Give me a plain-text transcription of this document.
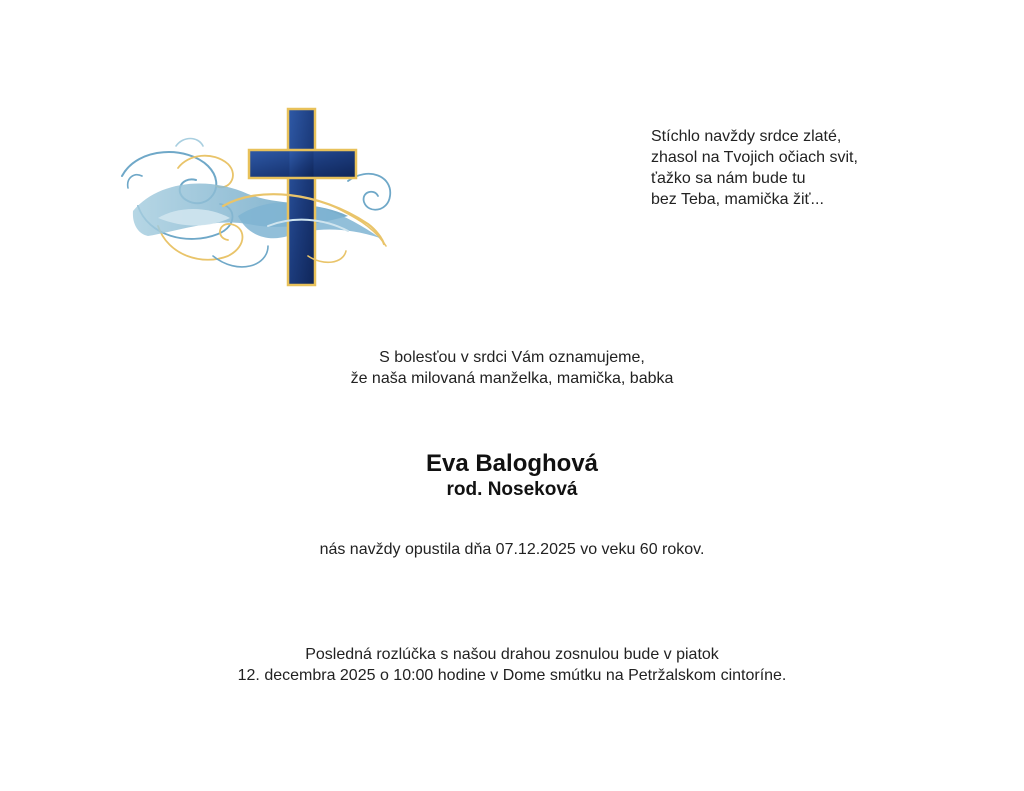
Stíchlo navždy srdce zlaté,
zhasol na Tvojich očiach svit,
ťažko sa nám bude tu
bez Teba, mamička žiť...
S bolesťou v srdci Vám oznamujeme,
že naša milovaná manželka, mamička, babka
Eva Baloghová
rod. Noseková
nás navždy opustila dňa 07.12.2025 vo veku 60 rokov.
Posledná rozlúčka s našou drahou zosnulou bude v piatok
12. decembra 2025 o 10:00 hodine v Dome smútku na Petržalskom cintoríne.
